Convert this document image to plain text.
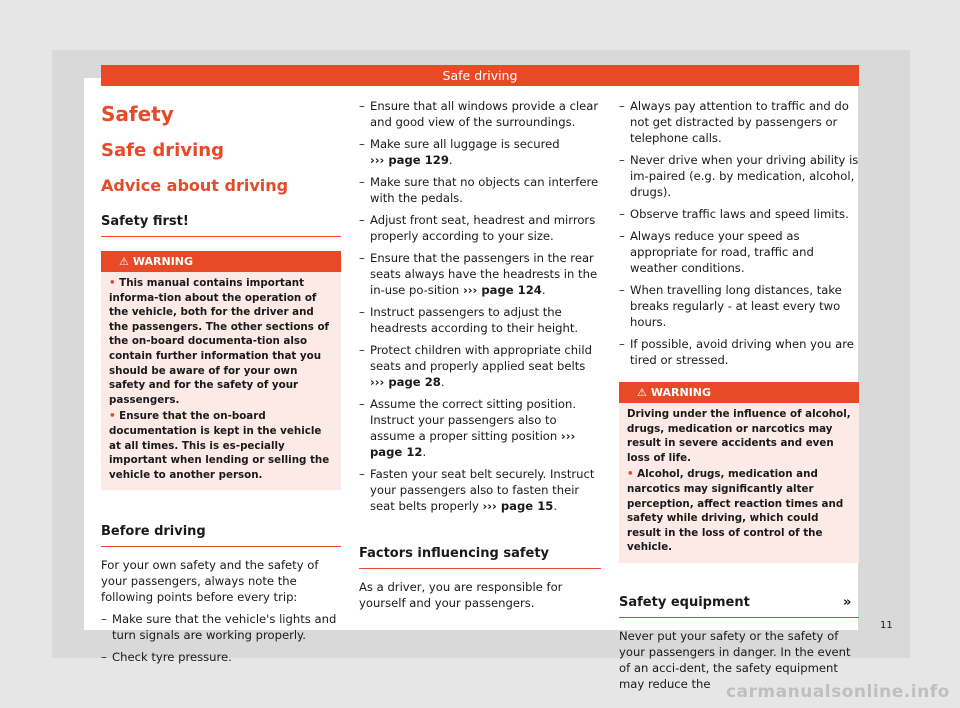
Safe driving
Safety
Safe driving
Advice about driving
Safety first!
⚠ WARNING

• This manual contains important informa-tion about the operation of the vehicle, both for the driver and the passengers. The other sections of the on-board documenta-tion also contain further information that you should be aware of for your own safety and for the safety of your passengers.

• Ensure that the on-board documentation is kept in the vehicle at all times. This is es-pecially important when lending or selling the vehicle to another person.

Before driving

For your own safety and the safety of your passengers, always note the following points before every trip:

– Make sure that the vehicle's lights and turn signals are working properly.
– Check tyre pressure.
– Ensure that all windows provide a clear and good view of the surroundings.
– Make sure all luggage is secured
››› page 129.
– Make sure that no objects can interfere with the pedals.
– Adjust front seat, headrest and mirrors properly according to your size.
– Ensure that the passengers in the rear seats always have the headrests in the in-use po-sition ››› page 124.
– Instruct passengers to adjust the headrests according to their height.
– Protect children with appropriate child seats and properly applied seat belts
››› page 28.
– Assume the correct sitting position. Instruct your passengers also to assume a proper sitting position ››› page 12.
– Fasten your seat belt securely. Instruct your passengers also to fasten their seat belts properly ››› page 15.
Factors influencing safety

As a driver, you are responsible for yourself and your passengers.

– Always pay attention to traffic and do not get distracted by passengers or telephone calls.
– Never drive when your driving ability is im-paired (e.g. by medication, alcohol, drugs).
– Observe traffic laws and speed limits.
– Always reduce your speed as appropriate for road, traffic and weather conditions.
– When travelling long distances, take breaks regularly - at least every two hours.
– If possible, avoid driving when you are tired or stressed.
⚠ WARNING

Driving under the influence of alcohol, drugs, medication or narcotics may result in severe accidents and even loss of life.

• Alcohol, drugs, medication and narcotics may significantly alter perception, affect reaction times and safety while driving, which could result in the loss of control of the vehicle.

Safety equipment

Never put your safety or the safety of your passengers in danger. In the event of an acci-dent, the safety equipment may reduce the

»
11
carmanualsonline.info
